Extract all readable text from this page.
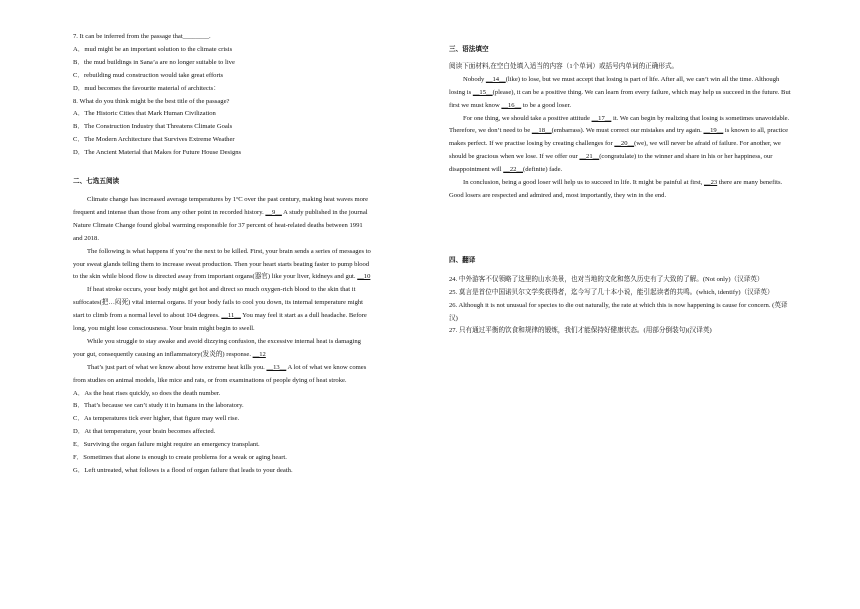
7. It can be inferred from the passage that________.

A．mud might be an important solution to the climate crisis

B．the mud buildings in Sana’a are no longer suitable to live

C．rebuilding mud construction would take great efforts

D．mud becomes the favourite material of architects：

8. What do you think might be the best title of the passage?

A．The Historic Cities that Mark Human Civilization

B．The Construction Industry that Threatens Climate Goals

C．The Modern Architecture that Survives Extreme Weather

D．The Ancient Material that Makes for Future House Designs

二、七选五阅读

Climate change has increased average temperatures by 1ºC over the past century, making heat waves more frequent and intense than those from any other point in recorded history. __9__ A study published in the journal Nature Climate Change found global warming responsible for 37 percent of heat-related deaths between 1991 and 2018.

The following is what happens if you’re the next to be killed. First, your brain sends a series of messages to your sweat glands telling them to increase sweat production. Then your heart starts beating faster to pump blood to the skin while blood flow is directed away from important organs(器官) like your liver, kidneys and gut. __10

If heat stroke occurs, your body might get hot and direct so much oxygen-rich blood to the skin that it suffocates(把…闷死) vital internal organs. If your body fails to cool you down, its internal temperature might start to climb from a normal level to about 104 degrees. __11__ You may feel it start as a dull headache. Before long, you might lose consciousness. Your brain might begin to swell.

While you struggle to stay awake and avoid dizzying confusion, the excessive internal heat is damaging your gut, consequently causing an inflammatory(发炎的) response. __12

That’s just part of what we know about how extreme heat kills you. __13__ A lot of what we know comes from studies on animal models, like mice and rats, or from examinations of people dying of heat stroke.

A．As the heat rises quickly, so does the death number.

B．That’s because we can’t study it in humans in the laboratory.

C．As temperatures tick ever higher, that figure may well rise.

D．At that temperature, your brain becomes affected.

E．Surviving the organ failure might require an emergency transplant.

F．Sometimes that alone is enough to create problems for a weak or aging heart.

G．Left untreated, what follows is a flood of organ failure that leads to your death.

三、语法填空

阅读下面材料,在空白处填入适当的内容（1个单词）或括号内单词的正确形式。

Nobody __14__(like) to lose, but we must accept that losing is part of life. After all, we can’t win all the time. Although losing is __15__(please), it can be a positive thing. We can learn from every failure, which may help us succeed in the future. But first we must know __16__ to be a good loser.

For one thing, we should take a positive attitude __17__ it. We can begin by realizing that losing is sometimes unavoidable. Therefore, we don’t need to be __18__(embarrass). We must correct our mistakes and try again. __19__ is known to all, practice makes perfect. If we practise losing by creating challenges for __20__(we), we will never be afraid of failure. For another, we should be gracious when we lose. If we offer our __21__(congratulate) to the winner and share in his or her happiness, our disappointment will __22__(definite) fade.

In conclusion, being a good loser will help us to succeed in life. It might be painful at first, __23 there are many benefits. Good losers are respected and admired and, most importantly, they win in the end.

四、翻译

24. 中外游客不仅领略了这里的山水美景，也对当地的文化和悠久历史有了大致的了解。(Not only)（汉译英）

25. 莫言是首位中国诺贝尔文学奖获得者，迄今写了几十本小说，能引起读者的共鸣。(which, identify)（汉译英）

26. Although it is not unusual for species to die out naturally, the rate at which this is now happening is cause for concern. (英译汉)

27. 只有通过平衡的饮食和规律的锻炼，我们才能保持好健康状态。(用部分倒装句)(汉译英)
